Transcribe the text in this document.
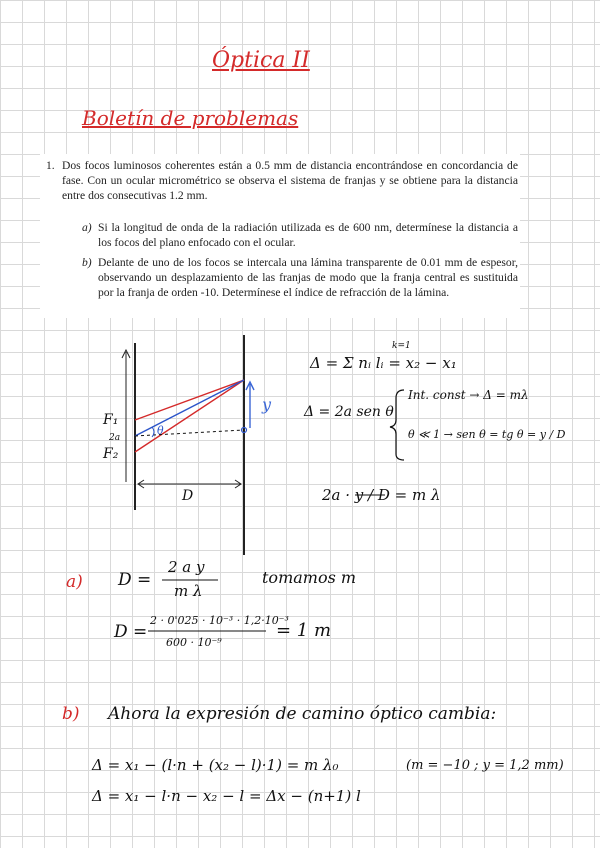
Óptica II
Boletín de problemas
1. Dos focos luminosos coherentes están a 0.5 mm de distancia encontrándose en concordancia de fase. Con un ocular micrométrico se observa el sistema de franjas y se obtiene para la distancia entre dos consecutivas 1.2 mm.
a) Si la longitud de onda de la radiación utilizada es de 600 nm, determínese la distancia a los focos del plano enfocado con el ocular.
b) Delante de uno de los focos se intercala una lámina transparente de 0.01 mm de espesor, observando un desplazamiento de las franjas de modo que la franja central es sustituida por la franja de orden -10. Determínese el índice de refracción de la lámina.
F₁
2a
F₂
θ
y
D
Δ = Σ nᵢ lᵢ = x₂ − x₁
k=1
Δ = 2a sen θ
Int. const → Δ = mλ
θ ≪ 1 → sen θ = tg θ = y / D
2a · y / D = m λ
a) D =
2 a y
m λ
tomamos m
D =
2 · 0'025 · 10⁻³ · 1,2·10⁻³
600 · 10⁻⁹
= 1 m
b) Ahora la expresión de camino óptico cambia:
Δ = x₁ − (l·n + (x₂ − l)·1) = m λ₀	(m = −10 ; y = 1,2 mm)
Δ = x₁ − l·n − x₂ − l = Δx − (n+1) l
